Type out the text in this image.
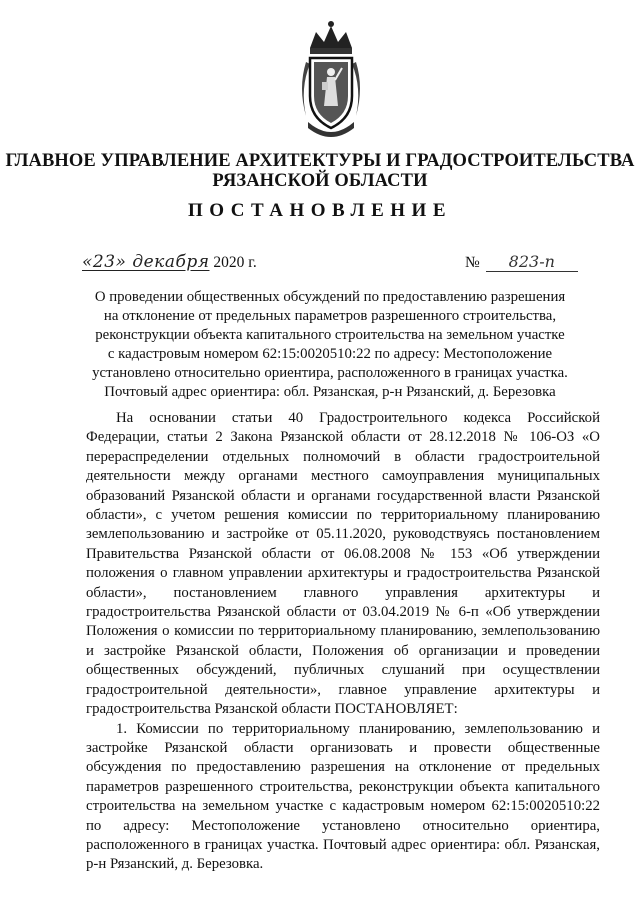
ГЛАВНОЕ УПРАВЛЕНИЕ АРХИТЕКТУРЫ И ГРАДОСТРОИТЕЛЬСТВА
РЯЗАНСКОЙ ОБЛАСТИ
ПОСТАНОВЛЕНИЕ
«23» декабря 2020 г.	№ 823-п
О проведении общественных обсуждений по предоставлению разрешения
на отклонение от предельных параметров разрешенного строительства,
реконструкции объекта капитального строительства на земельном участке
с кадастровым номером 62:15:0020510:22 по адресу: Местоположение
установлено относительно ориентира, расположенного в границах участка.
Почтовый адрес ориентира: обл. Рязанская, р-н Рязанский, д. Березовка

На основании статьи 40 Градостроительного кодекса Российской Федерации, статьи 2 Закона Рязанской области от 28.12.2018 № 106-ОЗ «О перераспределении отдельных полномочий в области градостроительной деятельности между органами местного самоуправления муниципальных образований Рязанской области и органами государственной власти Рязанской области», с учетом решения комиссии по территориальному планированию землепользованию и застройке от 05.11.2020, руководствуясь постановлением Правительства Рязанской области от 06.08.2008 № 153 «Об утверждении положения о главном управлении архитектуры и градостроительства Рязанской области», постановлением главного управления архитектуры и градостроительства Рязанской области от 03.04.2019 № 6-п «Об утверждении Положения о комиссии по территориальному планированию, землепользованию и застройке Рязанской области, Положения об организации и проведении общественных обсуждений, публичных слушаний при осуществлении градостроительной деятельности», главное управление архитектуры и градостроительства Рязанской области ПОСТАНОВЛЯЕТ:

1. Комиссии по территориальному планированию, землепользованию и застройке Рязанской области организовать и провести общественные обсуждения по предоставлению разрешения на отклонение от предельных параметров разрешенного строительства, реконструкции объекта капитального строительства на земельном участке с кадастровым номером 62:15:0020510:22 по адресу: Местоположение установлено относительно ориентира, расположенного в границах участка. Почтовый адрес ориентира: обл. Рязанская, р-н Рязанский, д. Березовка.
